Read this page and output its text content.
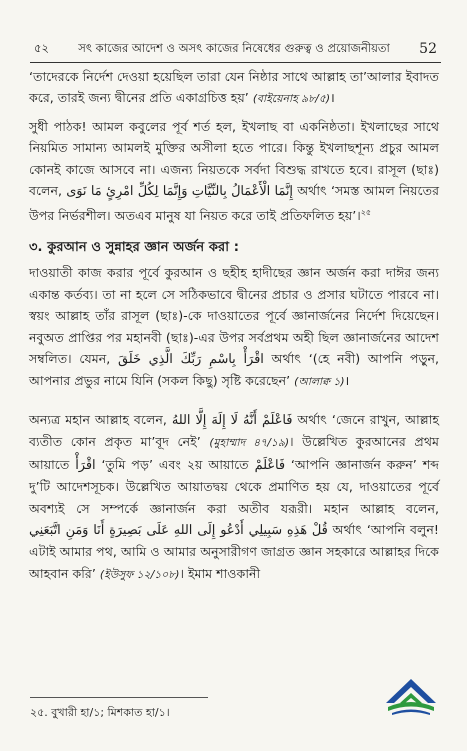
৫২	সৎ কাজের আদেশ ও অসৎ কাজের নিষেধের গুরুত্ব ও প্রয়োজনীয়তা 52

‘তাদেরকে নির্দেশ দেওয়া হয়েছিল তারা যেন নিষ্ঠার সাথে আল্লাহ তা’আলার ইবাদত করে, তারই জন্য দ্বীনের প্রতি একাগ্রচিত্ত হয়’ (বাইয়েনাহ ৯৮/৫)।

সুধী পাঠক! আমল কবুলের পূর্ব শর্ত হল, ইখলাছ বা একনিষ্ঠতা। ইখলাছের সাথে নিয়মিত সামান্য আমলই মুক্তির অসীলা হতে পারে। কিন্তু ইখলাছশূন্য প্রচুর আমল কোনই কাজে আসবে না। এজন্য নিয়তকে সর্বদা বিশুদ্ধ রাখতে হবে। রাসূল (ছাঃ) বলেন, إِنَّمَا الْأَعْمَالُ بِالنِّيَّاتِ وَإِنَّمَا لِكُلِّ امْرِئٍ مَا نَوَى অর্থাৎ ‘সমস্ত আমল নিয়তের উপর নির্ভরশীল। অতএব মানুষ যা নিয়ত করে তাই প্রতিফলিত হয়’।$^{২৫}$

৩. কুরআন ও সুন্নাহর জ্ঞান অর্জন করা :

দাওয়াতী কাজ করার পূর্বে কুরআন ও ছহীহ হাদীছের জ্ঞান অর্জন করা দাঈর জন্য একান্ত কর্তব্য। তা না হলে সে সঠিকভাবে দ্বীনের প্রচার ও প্রসার ঘটাতে পারবে না। স্বয়ং আল্লাহ তাঁর রাসূল (ছাঃ)-কে দাওয়াতের পূর্বে জ্ঞানার্জনের নির্দেশ দিয়েছেন। নবুঅত প্রাপ্তির পর মহানবী (ছাঃ)-এর উপর সর্বপ্রথম অহী ছিল জ্ঞানার্জনের আদেশ সম্বলিত। যেমন, اقْرَأْ بِاسْمِ رَبِّكَ الَّذِي خَلَقَ অর্থাৎ ‘(হে নবী) আপনি পড়ুন, আপনার প্রভুর নামে যিনি (সকল কিছু) সৃষ্টি করেছেন’ (আলাক্ব ১)।

অন্যত্র মহান আল্লাহ বলেন, فَاعْلَمْ أَنَّهُ لَا إِلَهَ إِلَّا اللهُ অর্থাৎ ‘জেনে রাখুন, আল্লাহ ব্যতীত কোন প্রকৃত মা’বূদ নেই’ (মুহাম্মাদ ৪৭/১৯)। উল্লেখিত কুরআনের প্রথম আয়াতে اقْرَأْ ‘তুমি পড়’ এবং ২য় আয়াতে فَاعْلَمْ ‘আপনি জ্ঞানার্জন করুন’ শব্দ দু’টি আদেশসূচক। উল্লেখিত আয়াতদ্বয় থেকে প্রমাণিত হয় যে, দাওয়াতের পূর্বে অবশ্যই সে সম্পর্কে জ্ঞানার্জন করা অতীব যরূরী। মহান আল্লাহ বলেন, قُلْ هَذِهِ سَبِيلِي أَدْعُو إِلَى اللهِ عَلَى بَصِيرَةٍ أَنَا وَمَنِ اتَّبَعَنِي অর্থাৎ ‘আপনি বলুন! এটাই আমার পথ, আমি ও আমার অনুসারীগণ জাগ্রত জ্ঞান সহকারে আল্লাহর দিকে আহবান করি’ (ইউসুফ ১২/১০৮)। ইমাম শাওকানী

২৫. বুখারী হা/১; মিশকাত হা/১।
